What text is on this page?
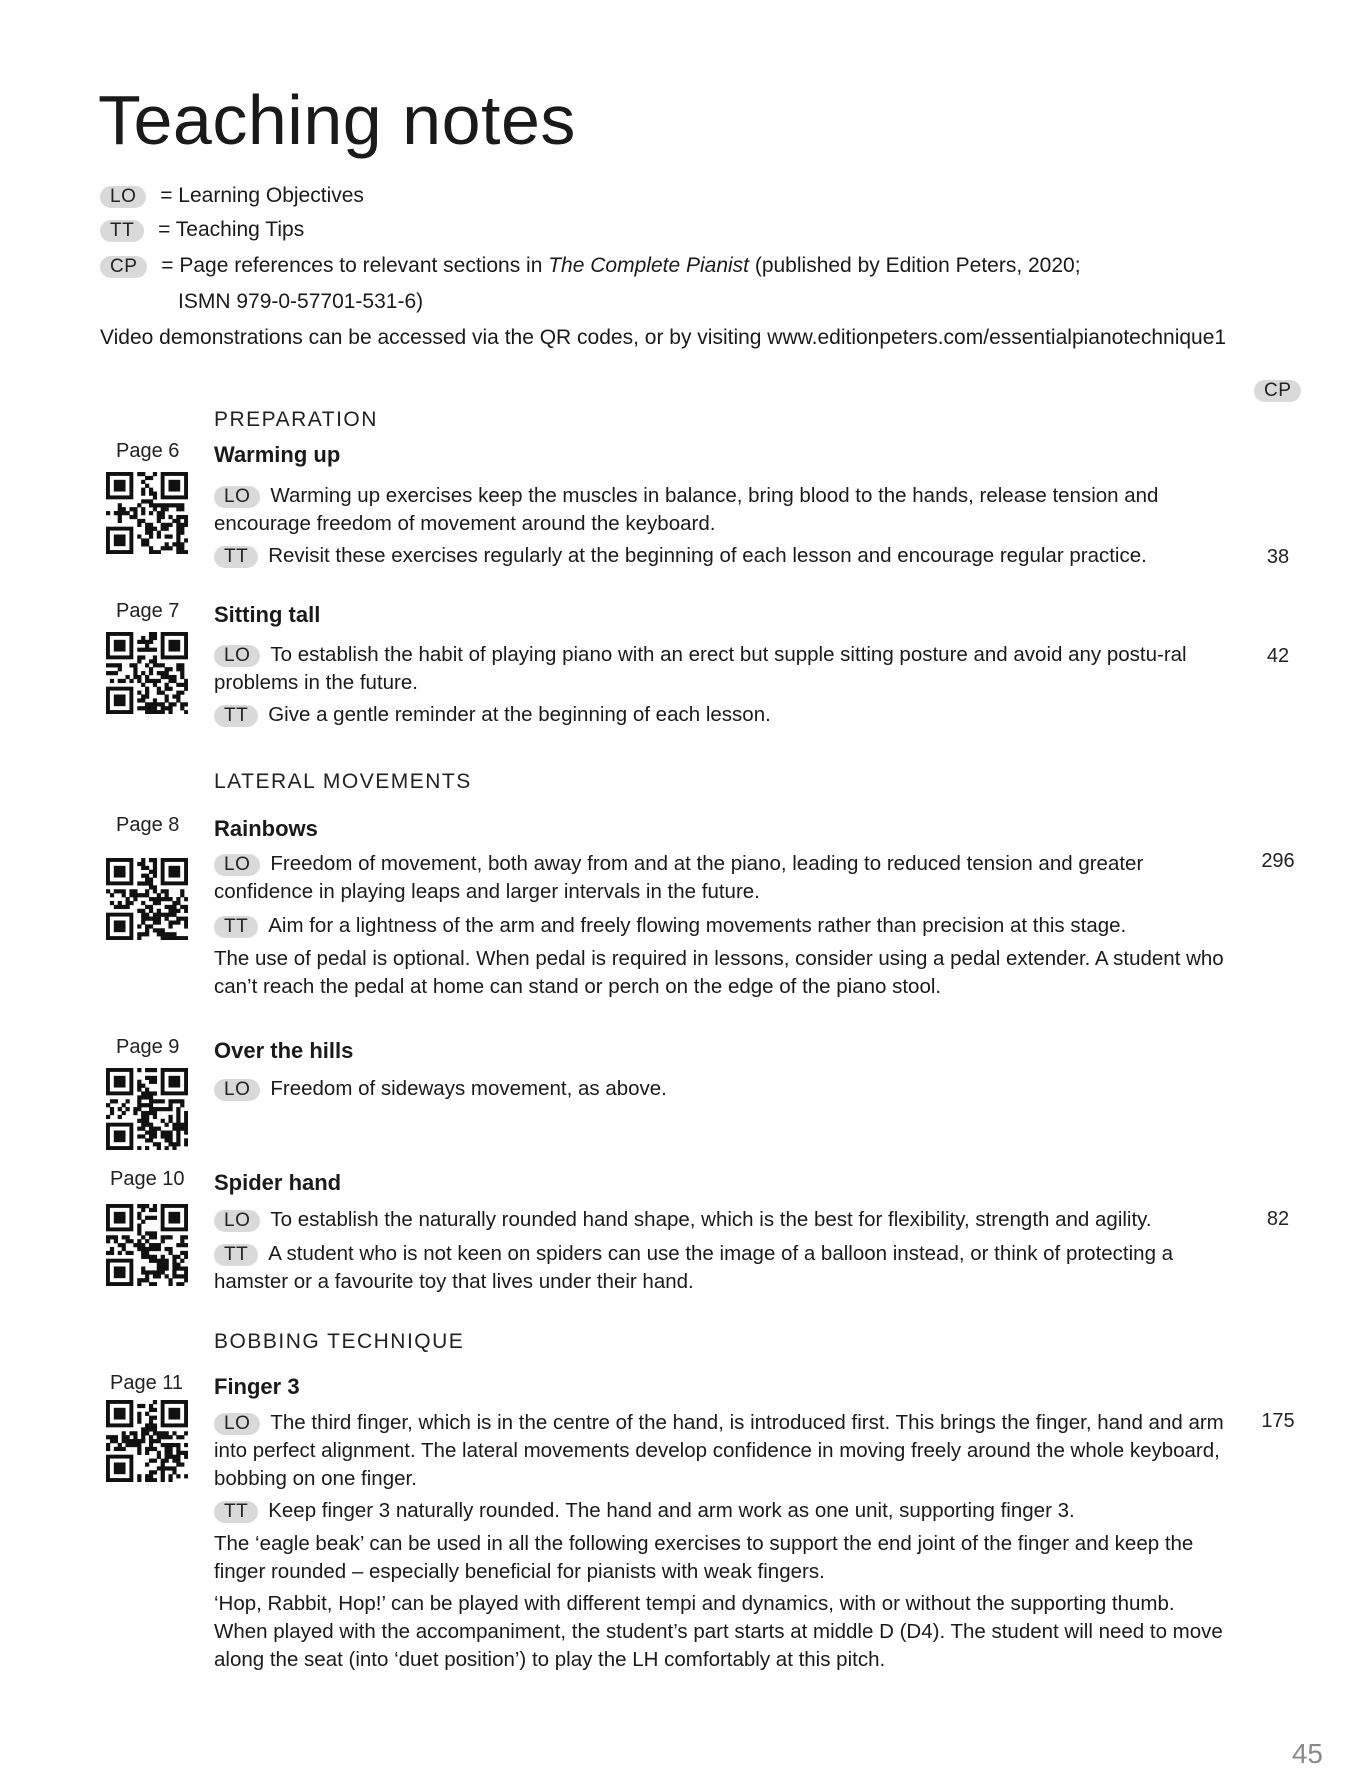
Teaching notes
LO = Learning Objectives
TT = Teaching Tips
CP = Page references to relevant sections in The Complete Pianist (published by Edition Peters, 2020;
ISMN 979-0-57701-531-6)
Video demonstrations can be accessed via the QR codes, or by visiting www.editionpeters.com/essentialpianotechnique1
CP
PREPARATION
Page 6 Warming up
LO Warming up exercises keep the muscles in balance, bring blood to the hands, release tension and encourage freedom of movement around the keyboard.
TT Revisit these exercises regularly at the beginning of each lesson and encourage regular practice.	38
Page 7 Sitting tall
LO To establish the habit of playing piano with an erect but supple sitting posture and avoid any postu-ral problems in the future.
TT Give a gentle reminder at the beginning of each lesson.
42
LATERAL MOVEMENTS
Page 8 Rainbows
LO Freedom of movement, both away from and at the piano, leading to reduced tension and greater confidence in playing leaps and larger intervals in the future.
TT Aim for a lightness of the arm and freely flowing movements rather than precision at this stage.
The use of pedal is optional. When pedal is required in lessons, consider using a pedal extender. A student who can’t reach the pedal at home can stand or perch on the edge of the piano stool.
296
Page 9 Over the hills
LO Freedom of sideways movement, as above.
Page 10 Spider hand
LO To establish the naturally rounded hand shape, which is the best for flexibility, strength and agility.
TT A student who is not keen on spiders can use the image of a balloon instead, or think of protecting a hamster or a favourite toy that lives under their hand.
82
BOBBING TECHNIQUE
Page 11 Finger 3
LO The third finger, which is in the centre of the hand, is introduced first. This brings the finger, hand and arm into perfect alignment. The lateral movements develop confidence in moving freely around the whole keyboard, bobbing on one finger.
TT Keep finger 3 naturally rounded. The hand and arm work as one unit, supporting finger 3.
The ‘eagle beak’ can be used in all the following exercises to support the end joint of the finger and keep the finger rounded – especially beneficial for pianists with weak fingers.
‘Hop, Rabbit, Hop!’ can be played with different tempi and dynamics, with or without the supporting thumb. When played with the accompaniment, the student’s part starts at middle D (D4). The student will need to move along the seat (into ‘duet position’) to play the LH comfortably at this pitch.
175
45
